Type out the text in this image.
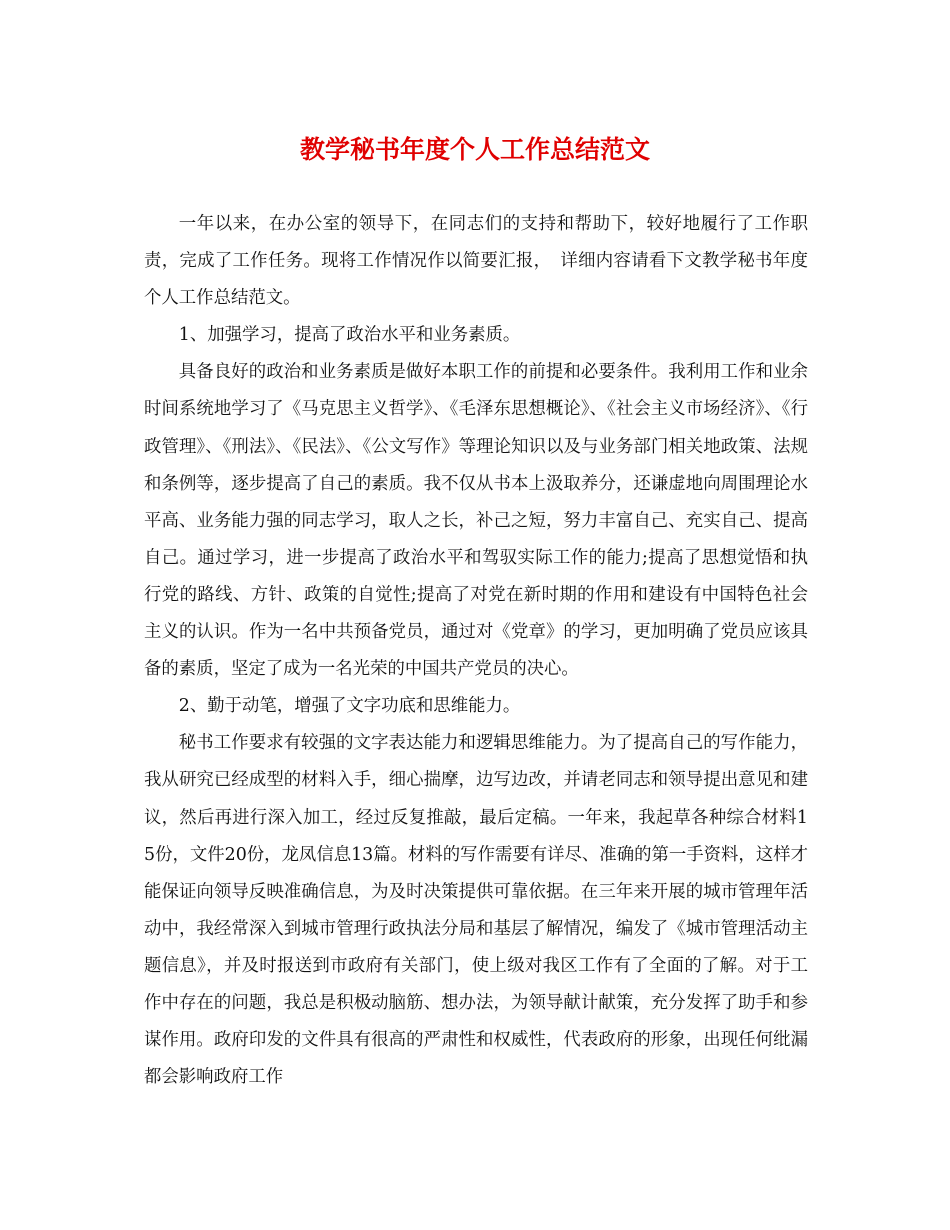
教学秘书年度个人工作总结范文

一年以来，在办公室的领导下，在同志们的支持和帮助下，较好地履行了工作职责，完成了工作任务。现将工作情况作以简要汇报，　详细内容请看下文教学秘书年度个人工作总结范文。

1、加强学习，提高了政治水平和业务素质。

具备良好的政治和业务素质是做好本职工作的前提和必要条件。我利用工作和业余时间系统地学习了《马克思主义哲学》、《毛泽东思想概论》、《社会主义市场经济》、《行政管理》、《刑法》、《民法》、《公文写作》等理论知识以及与业务部门相关地政策、法规和条例等，逐步提高了自己的素质。我不仅从书本上汲取养分，还谦虚地向周围理论水平高、业务能力强的同志学习，取人之长，补己之短，努力丰富自己、充实自己、提高自己。通过学习，进一步提高了政治水平和驾驭实际工作的能力;提高了思想觉悟和执行党的路线、方针、政策的自觉性;提高了对党在新时期的作用和建设有中国特色社会主义的认识。作为一名中共预备党员，通过对《党章》的学习，更加明确了党员应该具备的素质，坚定了成为一名光荣的中国共产党员的决心。

2、勤于动笔，增强了文字功底和思维能力。

秘书工作要求有较强的文字表达能力和逻辑思维能力。为了提高自己的写作能力，我从研究已经成型的材料入手，细心揣摩，边写边改，并请老同志和领导提出意见和建议，然后再进行深入加工，经过反复推敲，最后定稿。一年来，我起草各种综合材料15份，文件20份，龙凤信息13篇。材料的写作需要有详尽、准确的第一手资料，这样才能保证向领导反映准确信息，为及时决策提供可靠依据。在三年来开展的城市管理年活动中，我经常深入到城市管理行政执法分局和基层了解情况，编发了《城市管理活动主题信息》，并及时报送到市政府有关部门，使上级对我区工作有了全面的了解。对于工作中存在的问题，我总是积极动脑筋、想办法，为领导献计献策，充分发挥了助手和参谋作用。政府印发的文件具有很高的严肃性和权威性，代表政府的形象，出现任何纰漏都会影响政府工作
